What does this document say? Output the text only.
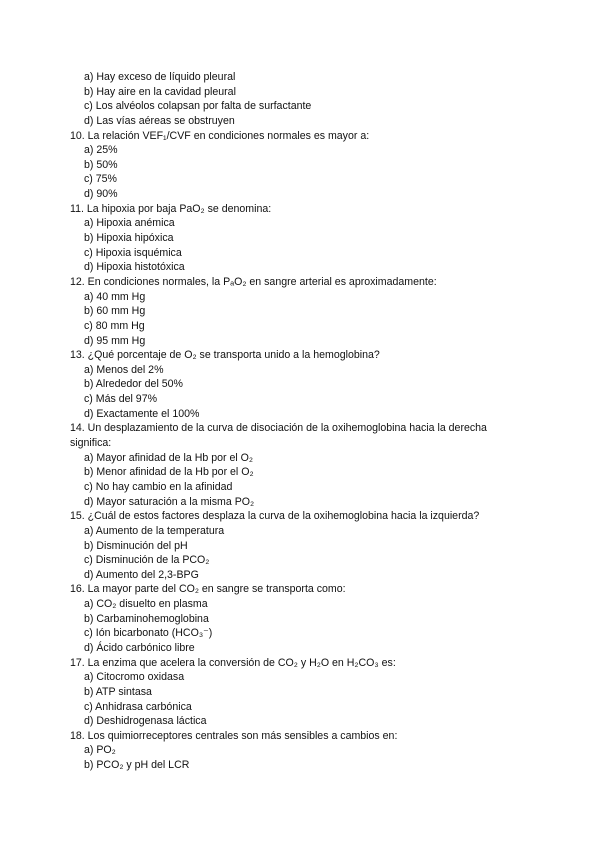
a) Hay exceso de líquido pleural
b) Hay aire en la cavidad pleural
c) Los alvéolos colapsan por falta de surfactante
d) Las vías aéreas se obstruyen
10. La relación VEF₁/CVF en condiciones normales es mayor a:
a) 25%
b) 50%
c) 75%
d) 90%
11. La hipoxia por baja PaO₂ se denomina:
a) Hipoxia anémica
b) Hipoxia hipóxica
c) Hipoxia isquémica
d) Hipoxia histotóxica
12. En condiciones normales, la PₐO₂ en sangre arterial es aproximadamente:
a) 40 mm Hg
b) 60 mm Hg
c) 80 mm Hg
d) 95 mm Hg
13. ¿Qué porcentaje de O₂ se transporta unido a la hemoglobina?
a) Menos del 2%
b) Alrededor del 50%
c) Más del 97%
d) Exactamente el 100%
14. Un desplazamiento de la curva de disociación de la oxihemoglobina hacia la derecha
significa:
a) Mayor afinidad de la Hb por el O₂
b) Menor afinidad de la Hb por el O₂
c) No hay cambio en la afinidad
d) Mayor saturación a la misma PO₂
15. ¿Cuál de estos factores desplaza la curva de la oxihemoglobina hacia la izquierda?
a) Aumento de la temperatura
b) Disminución del pH
c) Disminución de la PCO₂
d) Aumento del 2,3-BPG
16. La mayor parte del CO₂ en sangre se transporta como:
a) CO₂ disuelto en plasma
b) Carbaminohemoglobina
c) Ión bicarbonato (HCO₃⁻)
d) Ácido carbónico libre
17. La enzima que acelera la conversión de CO₂ y H₂O en H₂CO₃ es:
a) Citocromo oxidasa
b) ATP sintasa
c) Anhidrasa carbónica
d) Deshidrogenasa láctica
18. Los quimiorreceptores centrales son más sensibles a cambios en:
a) PO₂
b) PCO₂ y pH del LCR
